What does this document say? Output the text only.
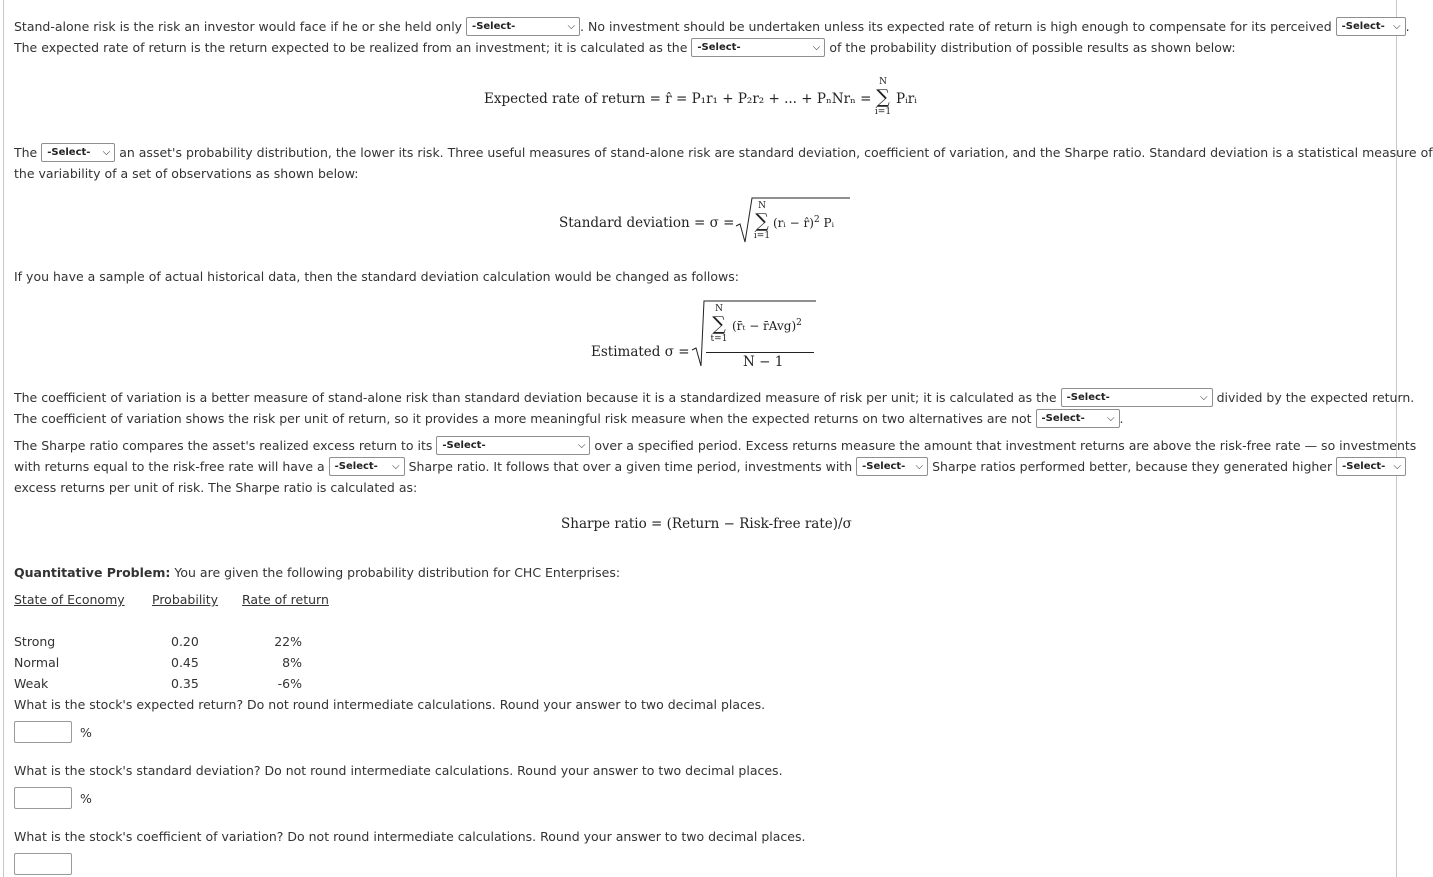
Stand-alone risk is the risk an investor would face if he or she held only -Select-	⌵ . No investment should be undertaken unless its expected rate of return is high enough to compensate for its perceived -Select- ⌵ .
The expected rate of return is the return expected to be realized from an investment; it is calculated as the -Select-	⌵ of the probability distribution of possible results as shown below:
Expected rate of return = r̂ = P₁r₁ + P₂r₂ + ... + PₙNrₙ =
N
∑
i=1
Pᵢrᵢ
The -Select- ⌵ an asset's probability distribution, the lower its risk. Three useful measures of stand-alone risk are standard deviation, coefficient of variation, and the Sharpe ratio. Standard deviation is a statistical measure of
the variability of a set of observations as shown below:
Standard deviation = σ =
N
∑
i=1
(rᵢ − r̂)$^2$ Pᵢ
If you have a sample of actual historical data, then the standard deviation calculation would be changed as follows:
Estimated σ =
N
∑
t=1
(r̄ₜ − r̄Avg)$^2$
N − 1
The coefficient of variation is a better measure of stand-alone risk than standard deviation because it is a standardized measure of risk per unit; it is calculated as the -Select-	⌵ divided by the expected return.
The coefficient of variation shows the risk per unit of return, so it provides a more meaningful risk measure when the expected returns on two alternatives are not -Select- ⌵ .
The Sharpe ratio compares the asset's realized excess return to its -Select-	⌵ over a specified period. Excess returns measure the amount that investment returns are above the risk-free rate — so investments
with returns equal to the risk-free rate will have a -Select- ⌵ Sharpe ratio. It follows that over a given time period, investments with -Select- ⌵ Sharpe ratios performed better, because they generated higher -Select- ⌵
excess returns per unit of risk. The Sharpe ratio is calculated as:
Sharpe ratio = (Return − Risk-free rate)/σ
Quantitative Problem: You are given the following probability distribution for CHC Enterprises:
State of Economy Probability Rate of return
Strong	0.20	22%
Normal	0.45	8%
Weak	0.35	-6%
What is the stock's expected return? Do not round intermediate calculations. Round your answer to two decimal places.
%
What is the stock's standard deviation? Do not round intermediate calculations. Round your answer to two decimal places.
%
What is the stock's coefficient of variation? Do not round intermediate calculations. Round your answer to two decimal places.
